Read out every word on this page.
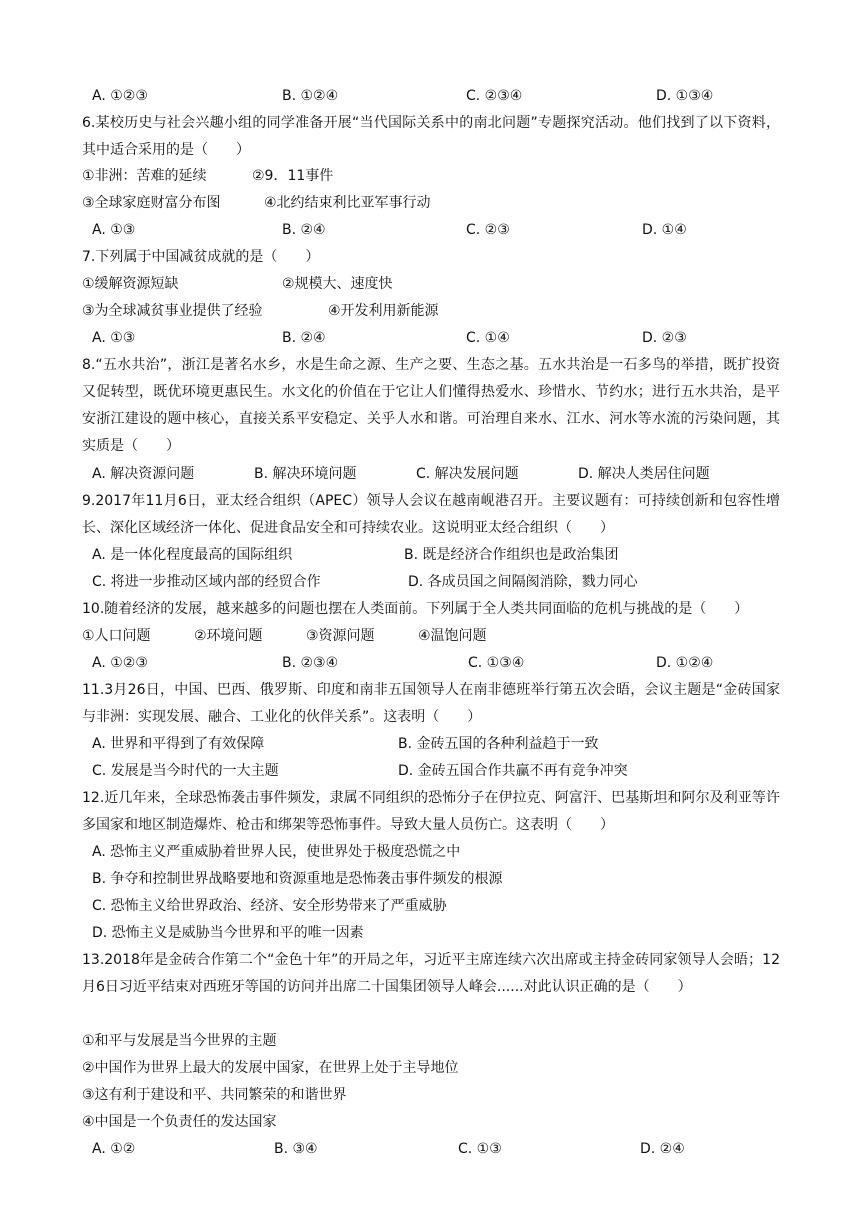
A. ①②③	B. ①②④	C. ②③④	D. ①③④
6.某校历史与社会兴趣小组的同学准备开展“当代国际关系中的南北问题”专题探究活动。他们找到了以下资料，其中适合采用的是（　　）
①非洲：苦难的延续	②9．11事件
③全球家庭财富分布图	④北约结束利比亚军事行动
A. ①③	B. ②④	C. ②③	D. ①④
7.下列属于中国减贫成就的是（　　）
①缓解资源短缺	②规模大、速度快
③为全球减贫事业提供了经验	④开发利用新能源
A. ①③	B. ②④	C. ①④	D. ②③
8.“五水共治”，浙江是著名水乡，水是生命之源、生产之要、生态之基。五水共治是一石多鸟的举措，既扩投资又促转型，既优环境更惠民生。水文化的价值在于它让人们懂得热爱水、珍惜水、节约水；进行五水共治，是平安浙江建设的题中核心，直接关系平安稳定、关乎人水和谐。可治理自来水、江水、河水等水流的污染问题，其实质是（　　）
A. 解决资源问题	B. 解决环境问题	C. 解决发展问题	D. 解决人类居住问题
9.2017年11月6日，亚太经合组织（APEC）领导人会议在越南岘港召开。主要议题有：可持续创新和包容性增长、深化区域经济一体化、促进食品安全和可持续农业。这说明亚太经合组织（　　）
A. 是一体化程度最高的国际组织	B. 既是经济合作组织也是政治集团
C. 将进一步推动区域内部的经贸合作	D. 各成员国之间隔阂消除，戮力同心
10.随着经济的发展，越来越多的问题也摆在人类面前。下列属于全人类共同面临的危机与挑战的是（　　）
①人口问题	②环境问题	③资源问题	④温饱问题
A. ①②③	B. ②③④	C. ①③④	D. ①②④
11.3月26日，中国、巴西、俄罗斯、印度和南非五国领导人在南非德班举行第五次会晤，会议主题是“金砖国家与非洲：实现发展、融合、工业化的伙伴关系”。这表明（　　）
A. 世界和平得到了有效保障	B. 金砖五国的各种利益趋于一致
C. 发展是当今时代的一大主题	D. 金砖五国合作共赢不再有竞争冲突
12.近几年来，全球恐怖袭击事件频发，隶属不同组织的恐怖分子在伊拉克、阿富汗、巴基斯坦和阿尔及利亚等许多国家和地区制造爆炸、枪击和绑架等恐怖事件。导致大量人员伤亡。这表明（　　）
A. 恐怖主义严重威胁着世界人民，使世界处于极度恐慌之中
B. 争夺和控制世界战略要地和资源重地是恐怖袭击事件频发的根源
C. 恐怖主义给世界政治、经济、安全形势带来了严重威胁
D. 恐怖主义是威胁当今世界和平的唯一因素
13.2018年是金砖合作第二个“金色十年”的开局之年，习近平主席连续六次出席或主持金砖同家领导人会晤；12月6日习近平结束对西班牙等国的访问并出席二十国集团领导人峰会......对此认识正确的是（　　）
①和平与发展是当今世界的主题
②中国作为世界上最大的发展中国家，在世界上处于主导地位
③这有利于建设和平、共同繁荣的和谐世界
④中国是一个负责任的发达国家
A. ①②	B. ③④	C. ①③	D. ②④
